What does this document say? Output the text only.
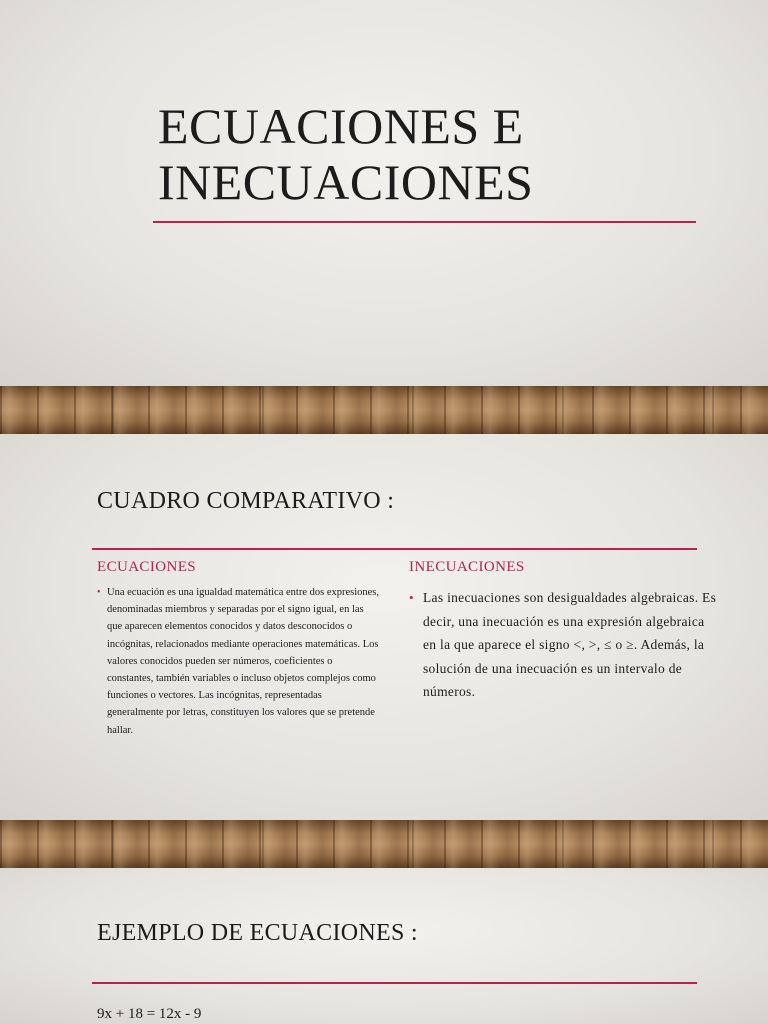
ECUACIONES E
INECUACIONES
CUADRO COMPARATIVO :
ECUACIONES
• Una ecuación es una igualdad matemática entre dos expresiones, denominadas miembros y separadas por el signo igual, en las que aparecen elementos conocidos y datos desconocidos o incógnitas, relacionados mediante operaciones matemáticas. Los valores conocidos pueden ser números, coeficientes o constantes, también variables o incluso objetos complejos como funciones o vectores. Las incógnitas, representadas generalmente por letras, constituyen los valores que se pretende hallar.
INECUACIONES
• Las inecuaciones son desigualdades algebraicas. Es decir, una inecuación es una expresión algebraica en la que aparece el signo <, >, ≤ o ≥. Además, la solución de una inecuación es un intervalo de números.
EJEMPLO DE ECUACIONES :
9x + 18 = 12x - 9
